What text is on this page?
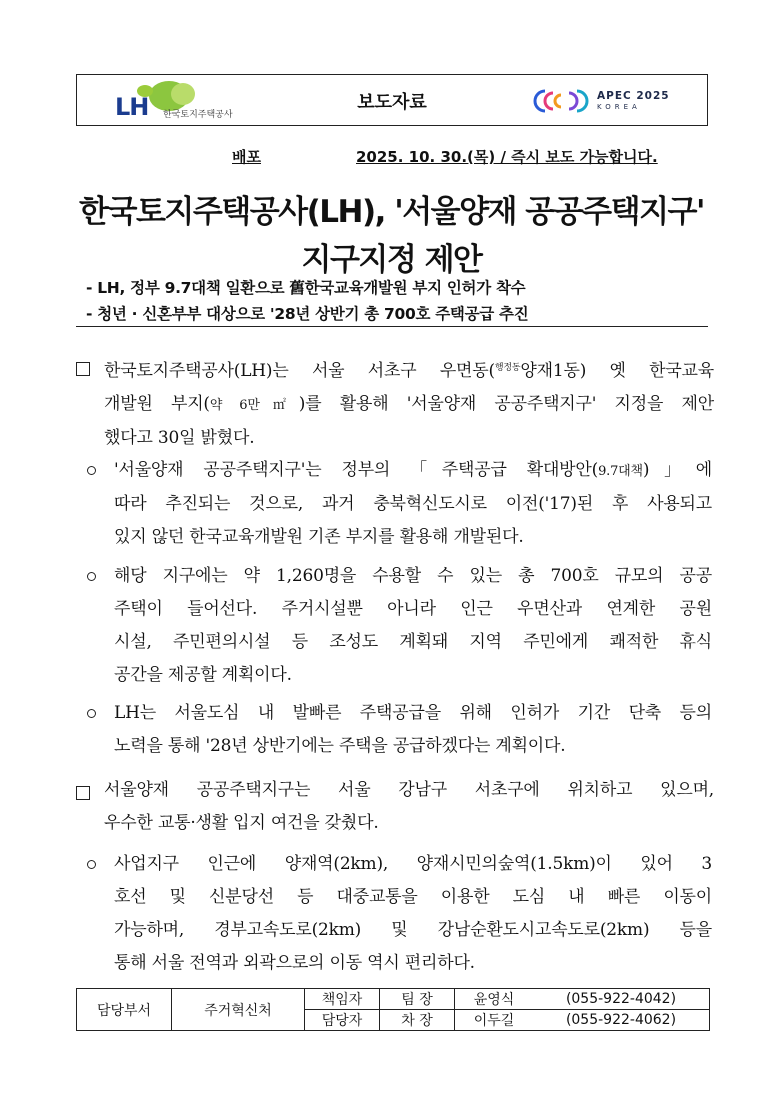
LH 한국토지주택공사
보도자료	APEC 2025
KOREA
배포	2025. 10. 30.(목) / 즉시 보도 가능합니다.
한국토지주택공사(LH), '서울양재 공공주택지구'
지구지정 제안
- LH, 정부 9.7대책 일환으로 舊한국교육개발원 부지 인허가 착수
- 청년 · 신혼부부 대상으로 '28년 상반기 총 700호 주택공급 추진
한국토지주택공사(LH)는 서울 서초구 우면동($^{행정동}$양재1동) 옛 한국교육
개발원 부지(약 6만㎡)를 활용해 '서울양재 공공주택지구' 지정을 제안
했다고 30일 밝혔다.
'서울양재 공공주택지구'는 정부의 「주택공급 확대방안(9.7대책)」에
따라 추진되는 것으로, 과거 충북혁신도시로 이전('17)된 후 사용되고
있지 않던 한국교육개발원 기존 부지를 활용해 개발된다.
해당 지구에는 약 1,260명을 수용할 수 있는 총 700호 규모의 공공
주택이 들어선다. 주거시설뿐 아니라 인근 우면산과 연계한 공원
시설, 주민편의시설 등 조성도 계획돼 지역 주민에게 쾌적한 휴식
공간을 제공할 계획이다.
LH는 서울도심 내 발빠른 주택공급을 위해 인허가 기간 단축 등의
노력을 통해 '28년 상반기에는 주택을 공급하겠다는 계획이다.
서울양재 공공주택지구는 서울 강남구 서초구에 위치하고 있으며,
우수한 교통·생활 입지 여건을 갖췄다.
사업지구 인근에 양재역(2km), 양재시민의숲역(1.5km)이 있어 3
호선 및 신분당선 등 대중교통을 이용한 도심 내 빠른 이동이
가능하며, 경부고속도로(2km) 및 강남순환도시고속도로(2km) 등을
통해 서울 전역과 외곽으로의 이동 역시 편리하다.
담당부서	주거혁신처	책임자	팀 장	윤영식	(055-922-4042)
		담당자	차 장	이두길	(055-922-4062)
